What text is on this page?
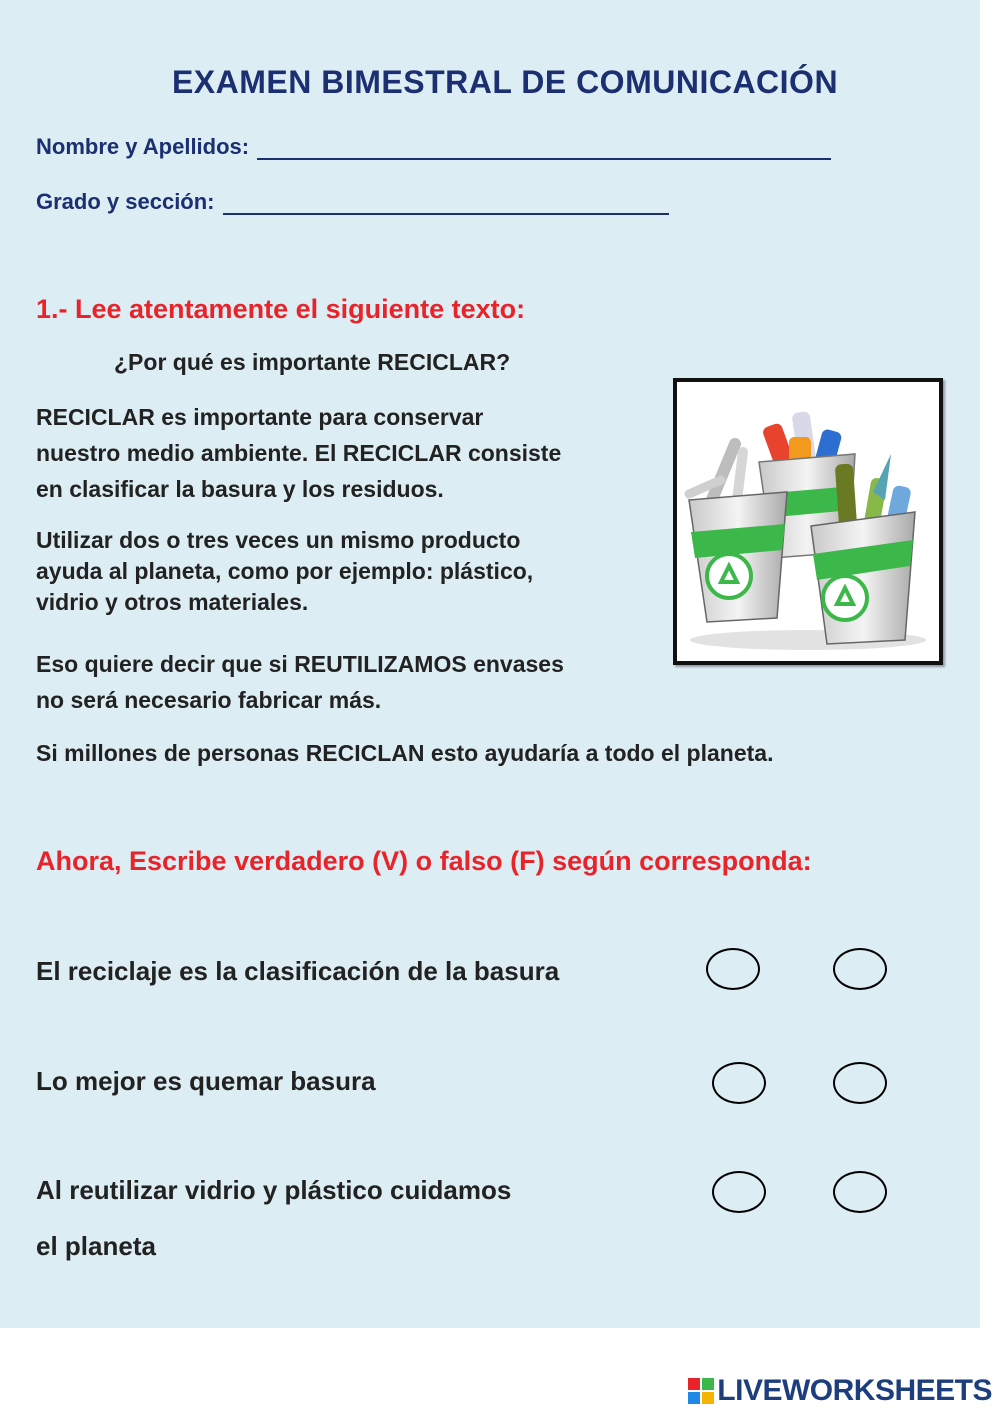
EXAMEN BIMESTRAL DE COMUNICACIÓN
Nombre y Apellidos:
Grado y sección:
1.- Lee atentamente el siguiente texto:
¿Por qué es importante RECICLAR?
RECICLAR es importante para conservar
nuestro medio ambiente. El RECICLAR consiste
en clasificar la basura y los residuos.
Utilizar dos o tres veces un mismo producto
ayuda al planeta, como por ejemplo: plástico,
vidrio y otros materiales.
Eso quiere decir que si REUTILIZAMOS envases
no será necesario fabricar más.
Si millones de personas RECICLAN esto ayudaría a todo el planeta.
Ahora, Escribe verdadero (V) o falso (F) según corresponda:
El reciclaje es la clasificación de la basura
Lo mejor es quemar basura
Al reutilizar vidrio y plástico cuidamos
el planeta
LIVEWORKSHEETS
